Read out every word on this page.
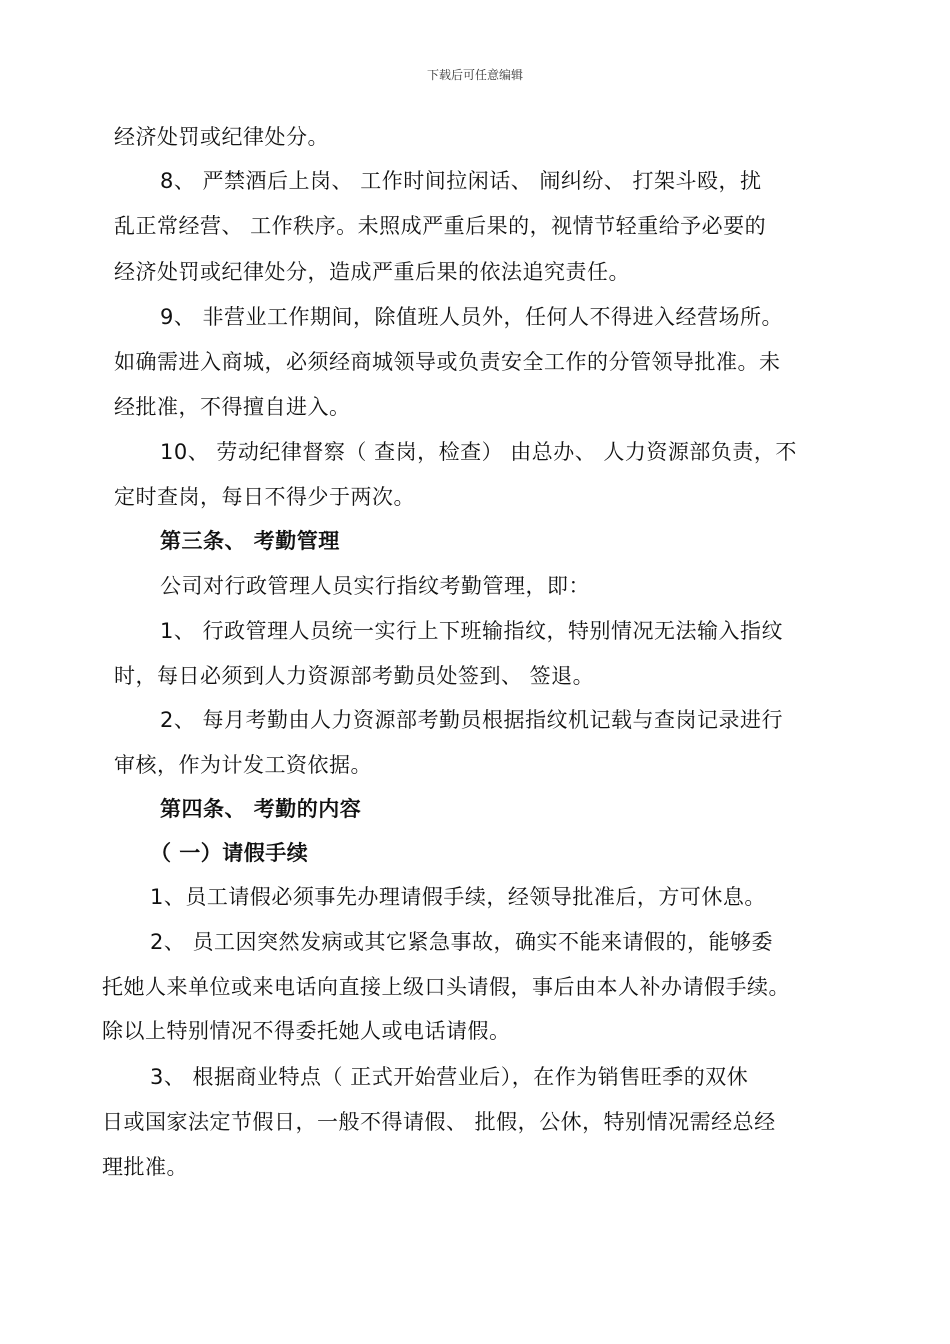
下载后可任意编辑
经济处罚或纪律处分。
8、 严禁酒后上岗、 工作时间拉闲话、 闹纠纷、 打架斗殴，扰
乱正常经营、 工作秩序。未照成严重后果的，视情节轻重给予必要的
经济处罚或纪律处分，造成严重后果的依法追究责任。
9、 非营业工作期间，除值班人员外，任何人不得进入经营场所。
如确需进入商城，必须经商城领导或负责安全工作的分管领导批准。未
经批准，不得擅自进入。
10、 劳动纪律督察（ 查岗，检查） 由总办、 人力资源部负责，不
定时查岗，每日不得少于两次。
第三条、 考勤管理
公司对行政管理人员实行指纹考勤管理，即：
1、 行政管理人员统一实行上下班输指纹，特别情况无法输入指纹
时，每日必须到人力资源部考勤员处签到、 签退。
2、 每月考勤由人力资源部考勤员根据指纹机记载与查岗记录进行
审核，作为计发工资依据。
第四条、 考勤的内容
（ 一）请假手续
1、员工请假必须事先办理请假手续，经领导批准后，方可休息。
2、 员工因突然发病或其它紧急事故，确实不能来请假的，能够委
托她人来单位或来电话向直接上级口头请假，事后由本人补办请假手续。
除以上特别情况不得委托她人或电话请假。
3、 根据商业特点（ 正式开始营业后），在作为销售旺季的双休
日或国家法定节假日，一般不得请假、 批假，公休，特别情况需经总经
理批准。
